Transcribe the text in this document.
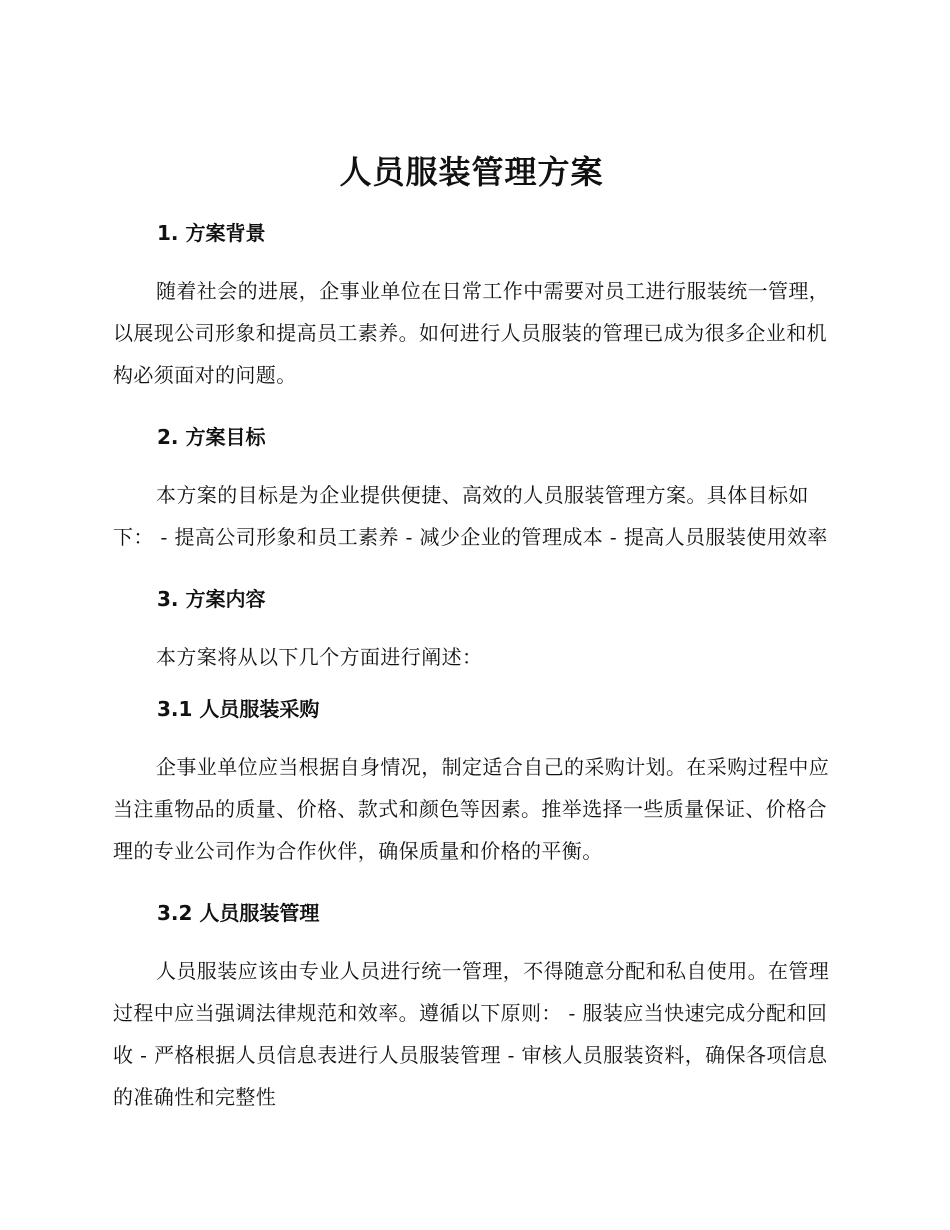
人员服装管理方案
1. 方案背景

随着社会的进展，企事业单位在日常工作中需要对员工进行服装统一管理，以展现公司形象和提高员工素养。如何进行人员服装的管理已成为很多企业和机构必须面对的问题。

2. 方案目标

本方案的目标是为企业提供便捷、高效的人员服装管理方案。具体目标如下： - 提高公司形象和员工素养 - 减少企业的管理成本 - 提高人员服装使用效率

3. 方案内容

本方案将从以下几个方面进行阐述：

3.1 人员服装采购

企事业单位应当根据自身情况，制定适合自己的采购计划。在采购过程中应当注重物品的质量、价格、款式和颜色等因素。推举选择一些质量保证、价格合理的专业公司作为合作伙伴，确保质量和价格的平衡。

3.2 人员服装管理

人员服装应该由专业人员进行统一管理，不得随意分配和私自使用。在管理过程中应当强调法律规范和效率。遵循以下原则： - 服装应当快速完成分配和回收 - 严格根据人员信息表进行人员服装管理 - 审核人员服装资料，确保各项信息的准确性和完整性
